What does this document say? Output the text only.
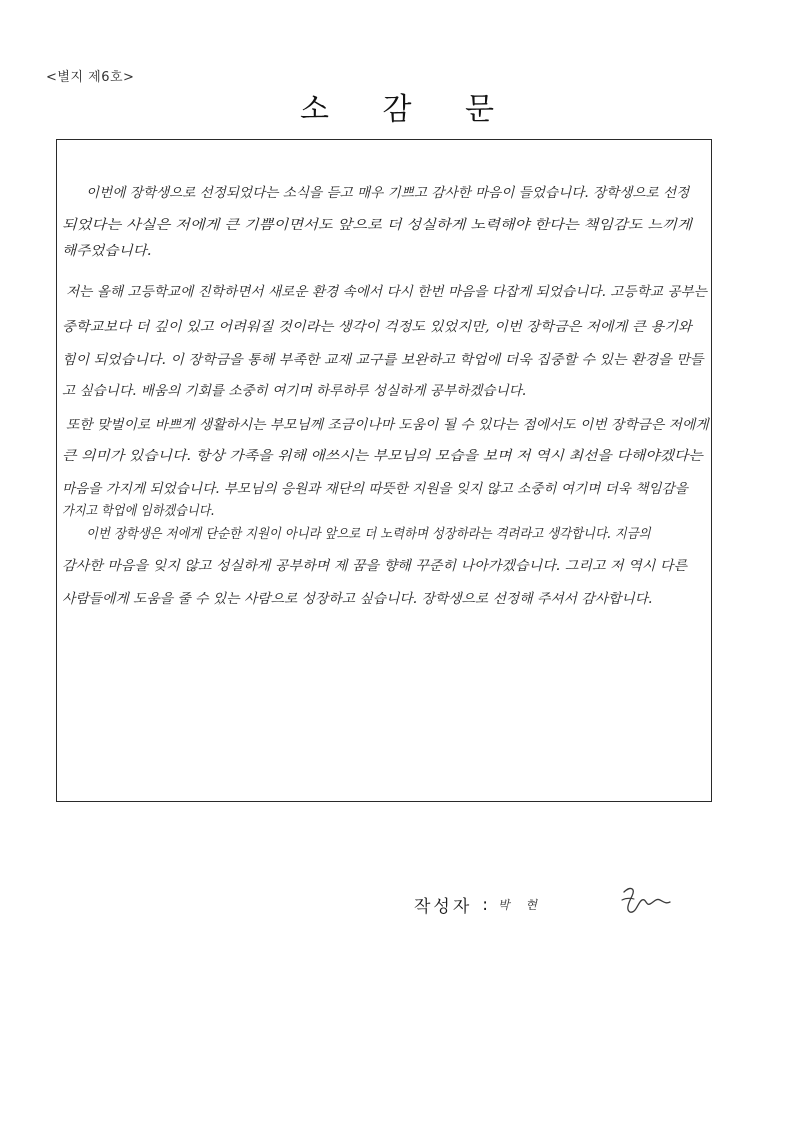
<별지 제6호>
소 감 문
이번에 장학생으로 선정되었다는 소식을 듣고 매우 기쁘고 감사한 마음이 들었습니다. 장학생으로 선정
되었다는 사실은 저에게 큰 기쁨이면서도 앞으로 더 성실하게 노력해야 한다는 책임감도 느끼게
해주었습니다.
저는 올해 고등학교에 진학하면서 새로운 환경 속에서 다시 한번 마음을 다잡게 되었습니다. 고등학교 공부는
중학교보다 더 깊이 있고 어려워질 것이라는 생각이 걱정도 있었지만, 이번 장학금은 저에게 큰 용기와
힘이 되었습니다. 이 장학금을 통해 부족한 교재 교구를 보완하고 학업에 더욱 집중할 수 있는 환경을 만들
고 싶습니다. 배움의 기회를 소중히 여기며 하루하루 성실하게 공부하겠습니다.
또한 맞벌이로 바쁘게 생활하시는 부모님께 조금이나마 도움이 될 수 있다는 점에서도 이번 장학금은 저에게
큰 의미가 있습니다. 항상 가족을 위해 애쓰시는 부모님의 모습을 보며 저 역시 최선을 다해야겠다는
마음을 가지게 되었습니다. 부모님의 응원과 재단의 따뜻한 지원을 잊지 않고 소중히 여기며 더욱 책임감을
가지고 학업에 임하겠습니다.
이번 장학생은 저에게 단순한 지원이 아니라 앞으로 더 노력하며 성장하라는 격려라고 생각합니다. 지금의
감사한 마음을 잊지 않고 성실하게 공부하며 제 꿈을 향해 꾸준히 나아가겠습니다. 그리고 저 역시 다른
사람들에게 도움을 줄 수 있는 사람으로 성장하고 싶습니다. 장학생으로 선정해 주셔서 감사합니다.
작성자 : 박 현
